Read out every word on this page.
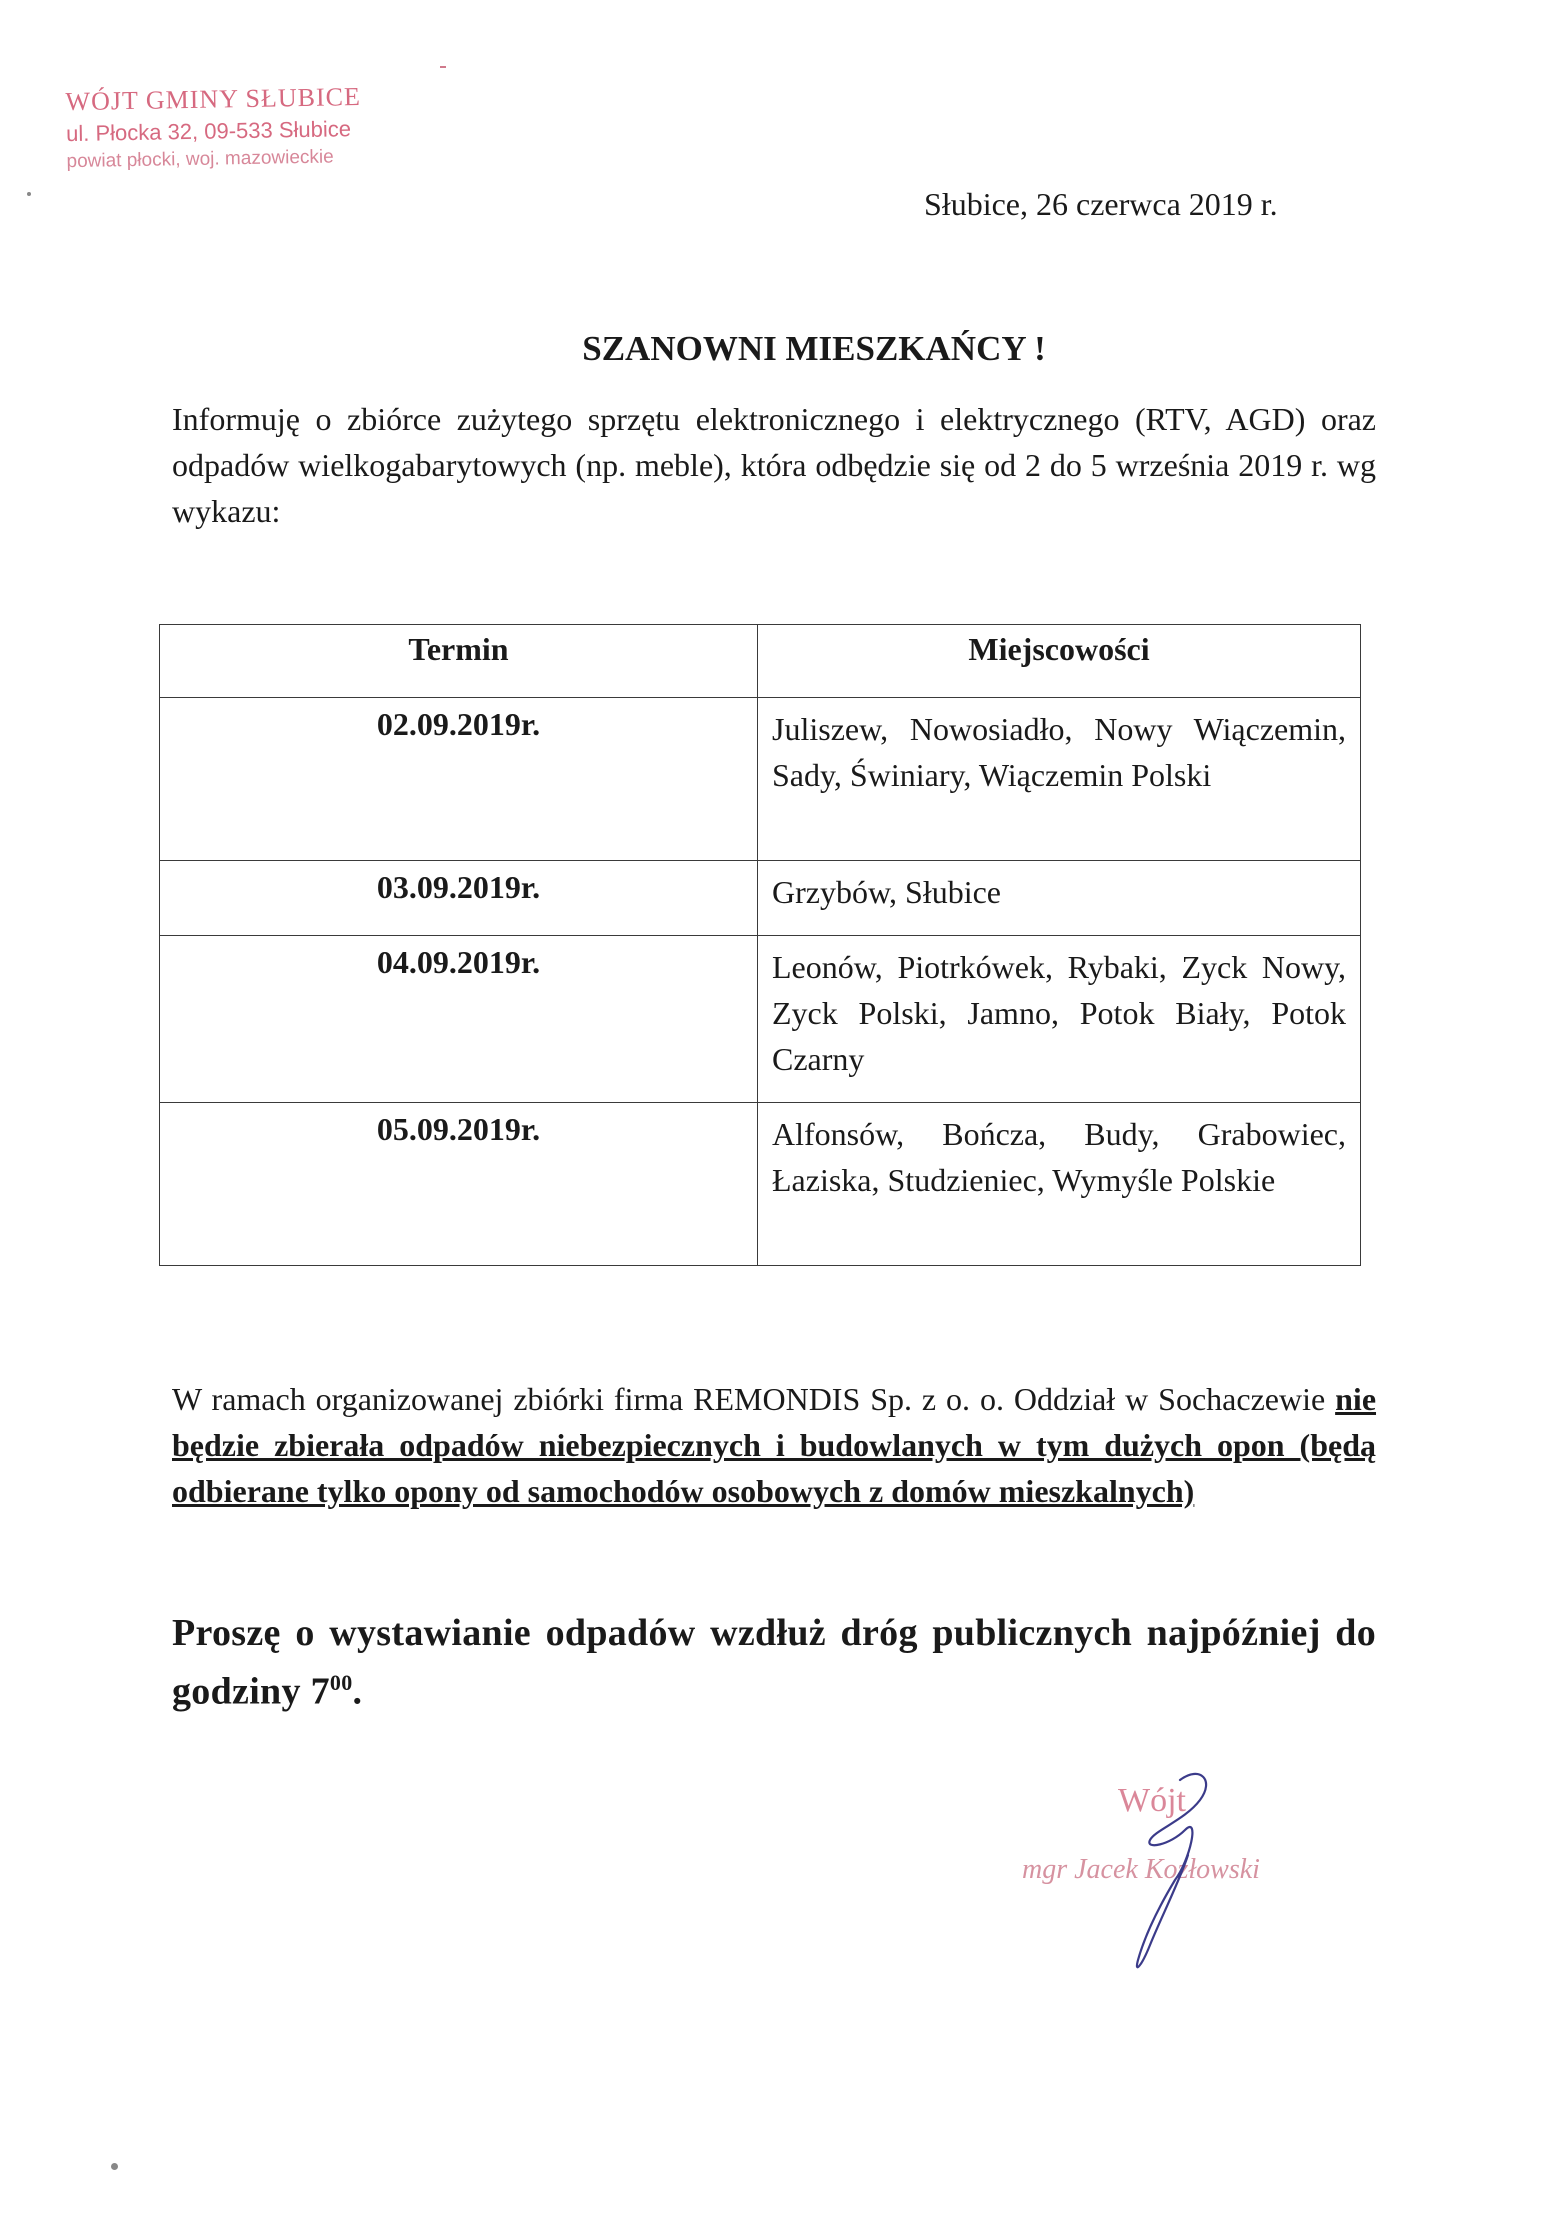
WÓJT GMINY SŁUBICE
ul. Płocka 32, 09-533 Słubice
powiat płocki, woj. mazowieckie
Słubice, 26 czerwca 2019 r.
SZANOWNI MIESZKAŃCY !
Informuję o zbiórce zużytego sprzętu elektronicznego i elektrycznego (RTV, AGD) oraz odpadów wielkogabarytowych (np. meble), która odbędzie się od 2 do 5 września 2019 r. wg wykazu:
Termin	Miejscowości
02.09.2019r.	Juliszew, Nowosiadło, Nowy Wiączemin, Sady, Świniary, Wiączemin Polski
03.09.2019r.	Grzybów, Słubice
04.09.2019r.	Leonów, Piotrkówek, Rybaki, Zyck Nowy, Zyck Polski, Jamno, Potok Biały, Potok Czarny
05.09.2019r.	Alfonsów, Bończa, Budy, Grabowiec, Łaziska, Studzieniec, Wymyśle Polskie
W ramach organizowanej zbiórki firma REMONDIS Sp. z o. o. Oddział w Sochaczewie nie będzie zbierała odpadów niebezpiecznych i budowlanych w tym dużych opon (będą odbierane tylko opony od samochodów osobowych z domów mieszkalnych)
Proszę o wystawianie odpadów wzdłuż dróg publicznych najpóźniej do godziny $7^{00}$.
Wójt
mgr Jacek Kozłowski
